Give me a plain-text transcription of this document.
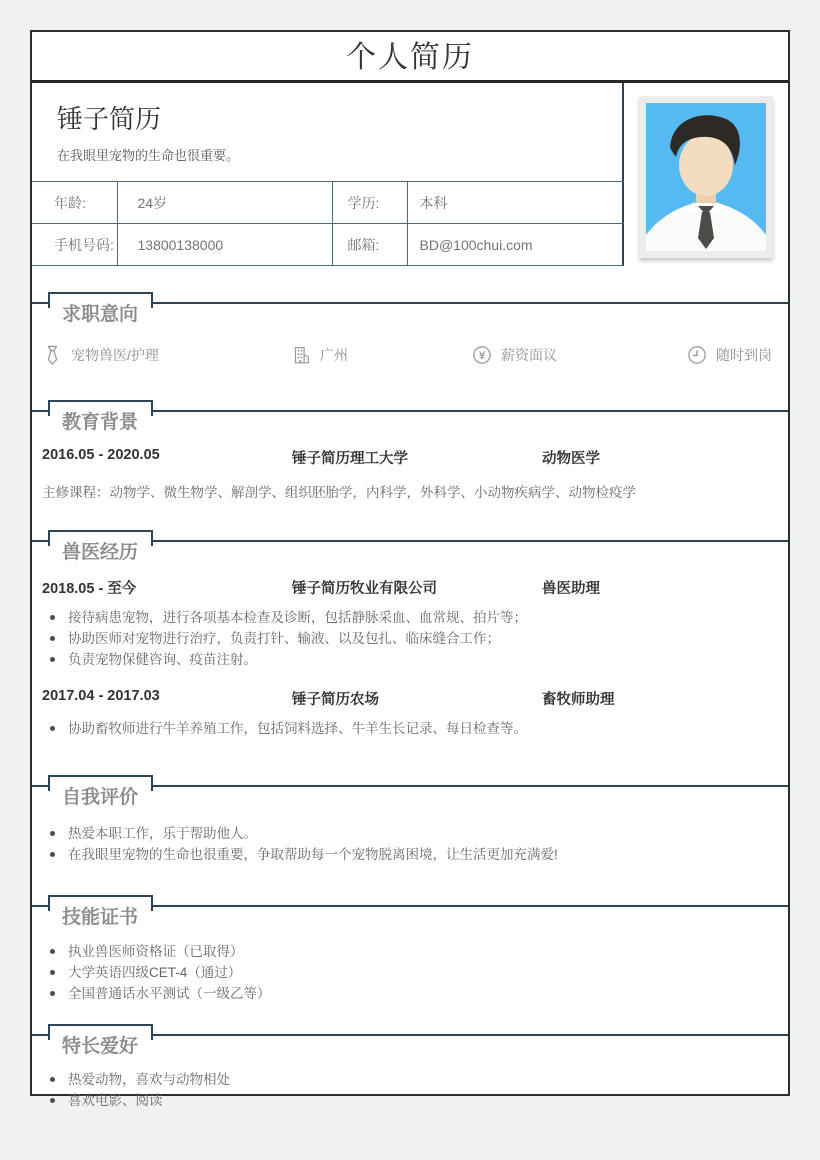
个人简历
锤子简历
在我眼里宠物的生命也很重要。
年龄:	24岁	学历:	本科
手机号码:	13800138000	邮箱:	BD@100chui.com
求职意向
宠物兽医/护理	广州	¥ 薪资面议	随时到岗
教育背景
2016.05 - 2020.05	锤子简历理工大学	动物医学
主修课程：动物学、微生物学、解剖学、组织胚胎学，内科学，外科学、小动物疾病学、动物检疫学
兽医经历
2018.05 - 至今	锤子简历牧业有限公司	兽医助理
接待病患宠物，进行各项基本检查及诊断，包括静脉采血、血常规、拍片等；
协助医师对宠物进行治疗，负责打针、输液、以及包扎、临床缝合工作；
负责宠物保健咨询、疫苗注射。
2017.04 - 2017.03	锤子简历农场	畜牧师助理
协助畜牧师进行牛羊养殖工作，包括饲料选择、牛羊生长记录、每日检查等。
自我评价
热爱本职工作，乐于帮助他人。
在我眼里宠物的生命也很重要，争取帮助每一个宠物脱离困境，让生活更加充满爱!
技能证书
执业兽医师资格证（已取得）
大学英语四级CET-4（通过）
全国普通话水平测试（一级乙等）
特长爱好
热爱动物，喜欢与动物相处
喜欢电影、阅读
